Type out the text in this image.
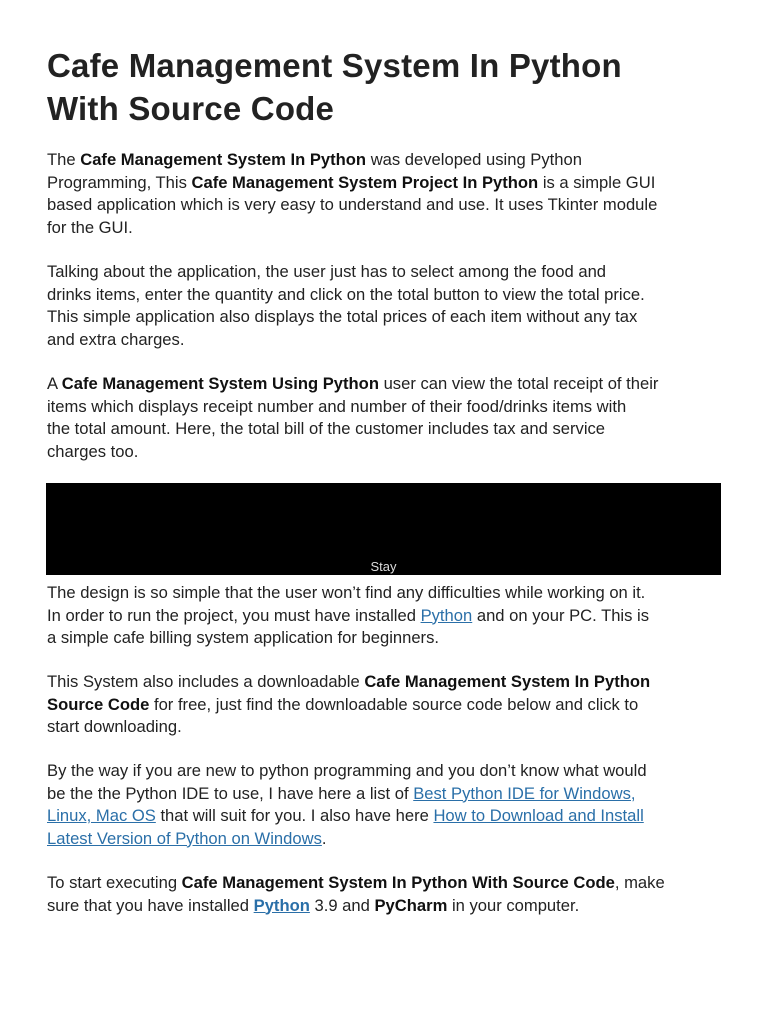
Cafe Management System In Python
With Source Code
The Cafe Management System In Python was developed using Python
Programming, This Cafe Management System Project In Python is a simple GUI
based application which is very easy to understand and use. It uses Tkinter module
for the GUI.
Talking about the application, the user just has to select among the food and
drinks items, enter the quantity and click on the total button to view the total price.
This simple application also displays the total prices of each item without any tax
and extra charges.
A Cafe Management System Using Python user can view the total receipt of their
items which displays receipt number and number of their food/drinks items with
the total amount. Here, the total bill of the customer includes tax and service
charges too.
Stay
The design is so simple that the user won’t find any difficulties while working on it.
In order to run the project, you must have installed Python and on your PC. This is
a simple cafe billing system application for beginners.
This System also includes a downloadable Cafe Management System In Python
Source Code for free, just find the downloadable source code below and click to
start downloading.
By the way if you are new to python programming and you don’t know what would
be the the Python IDE to use, I have here a list of Best Python IDE for Windows,
Linux, Mac OS that will suit for you. I also have here How to Download and Install
Latest Version of Python on Windows.
To start executing Cafe Management System In Python With Source Code, make
sure that you have installed Python 3.9 and PyCharm in your computer.
